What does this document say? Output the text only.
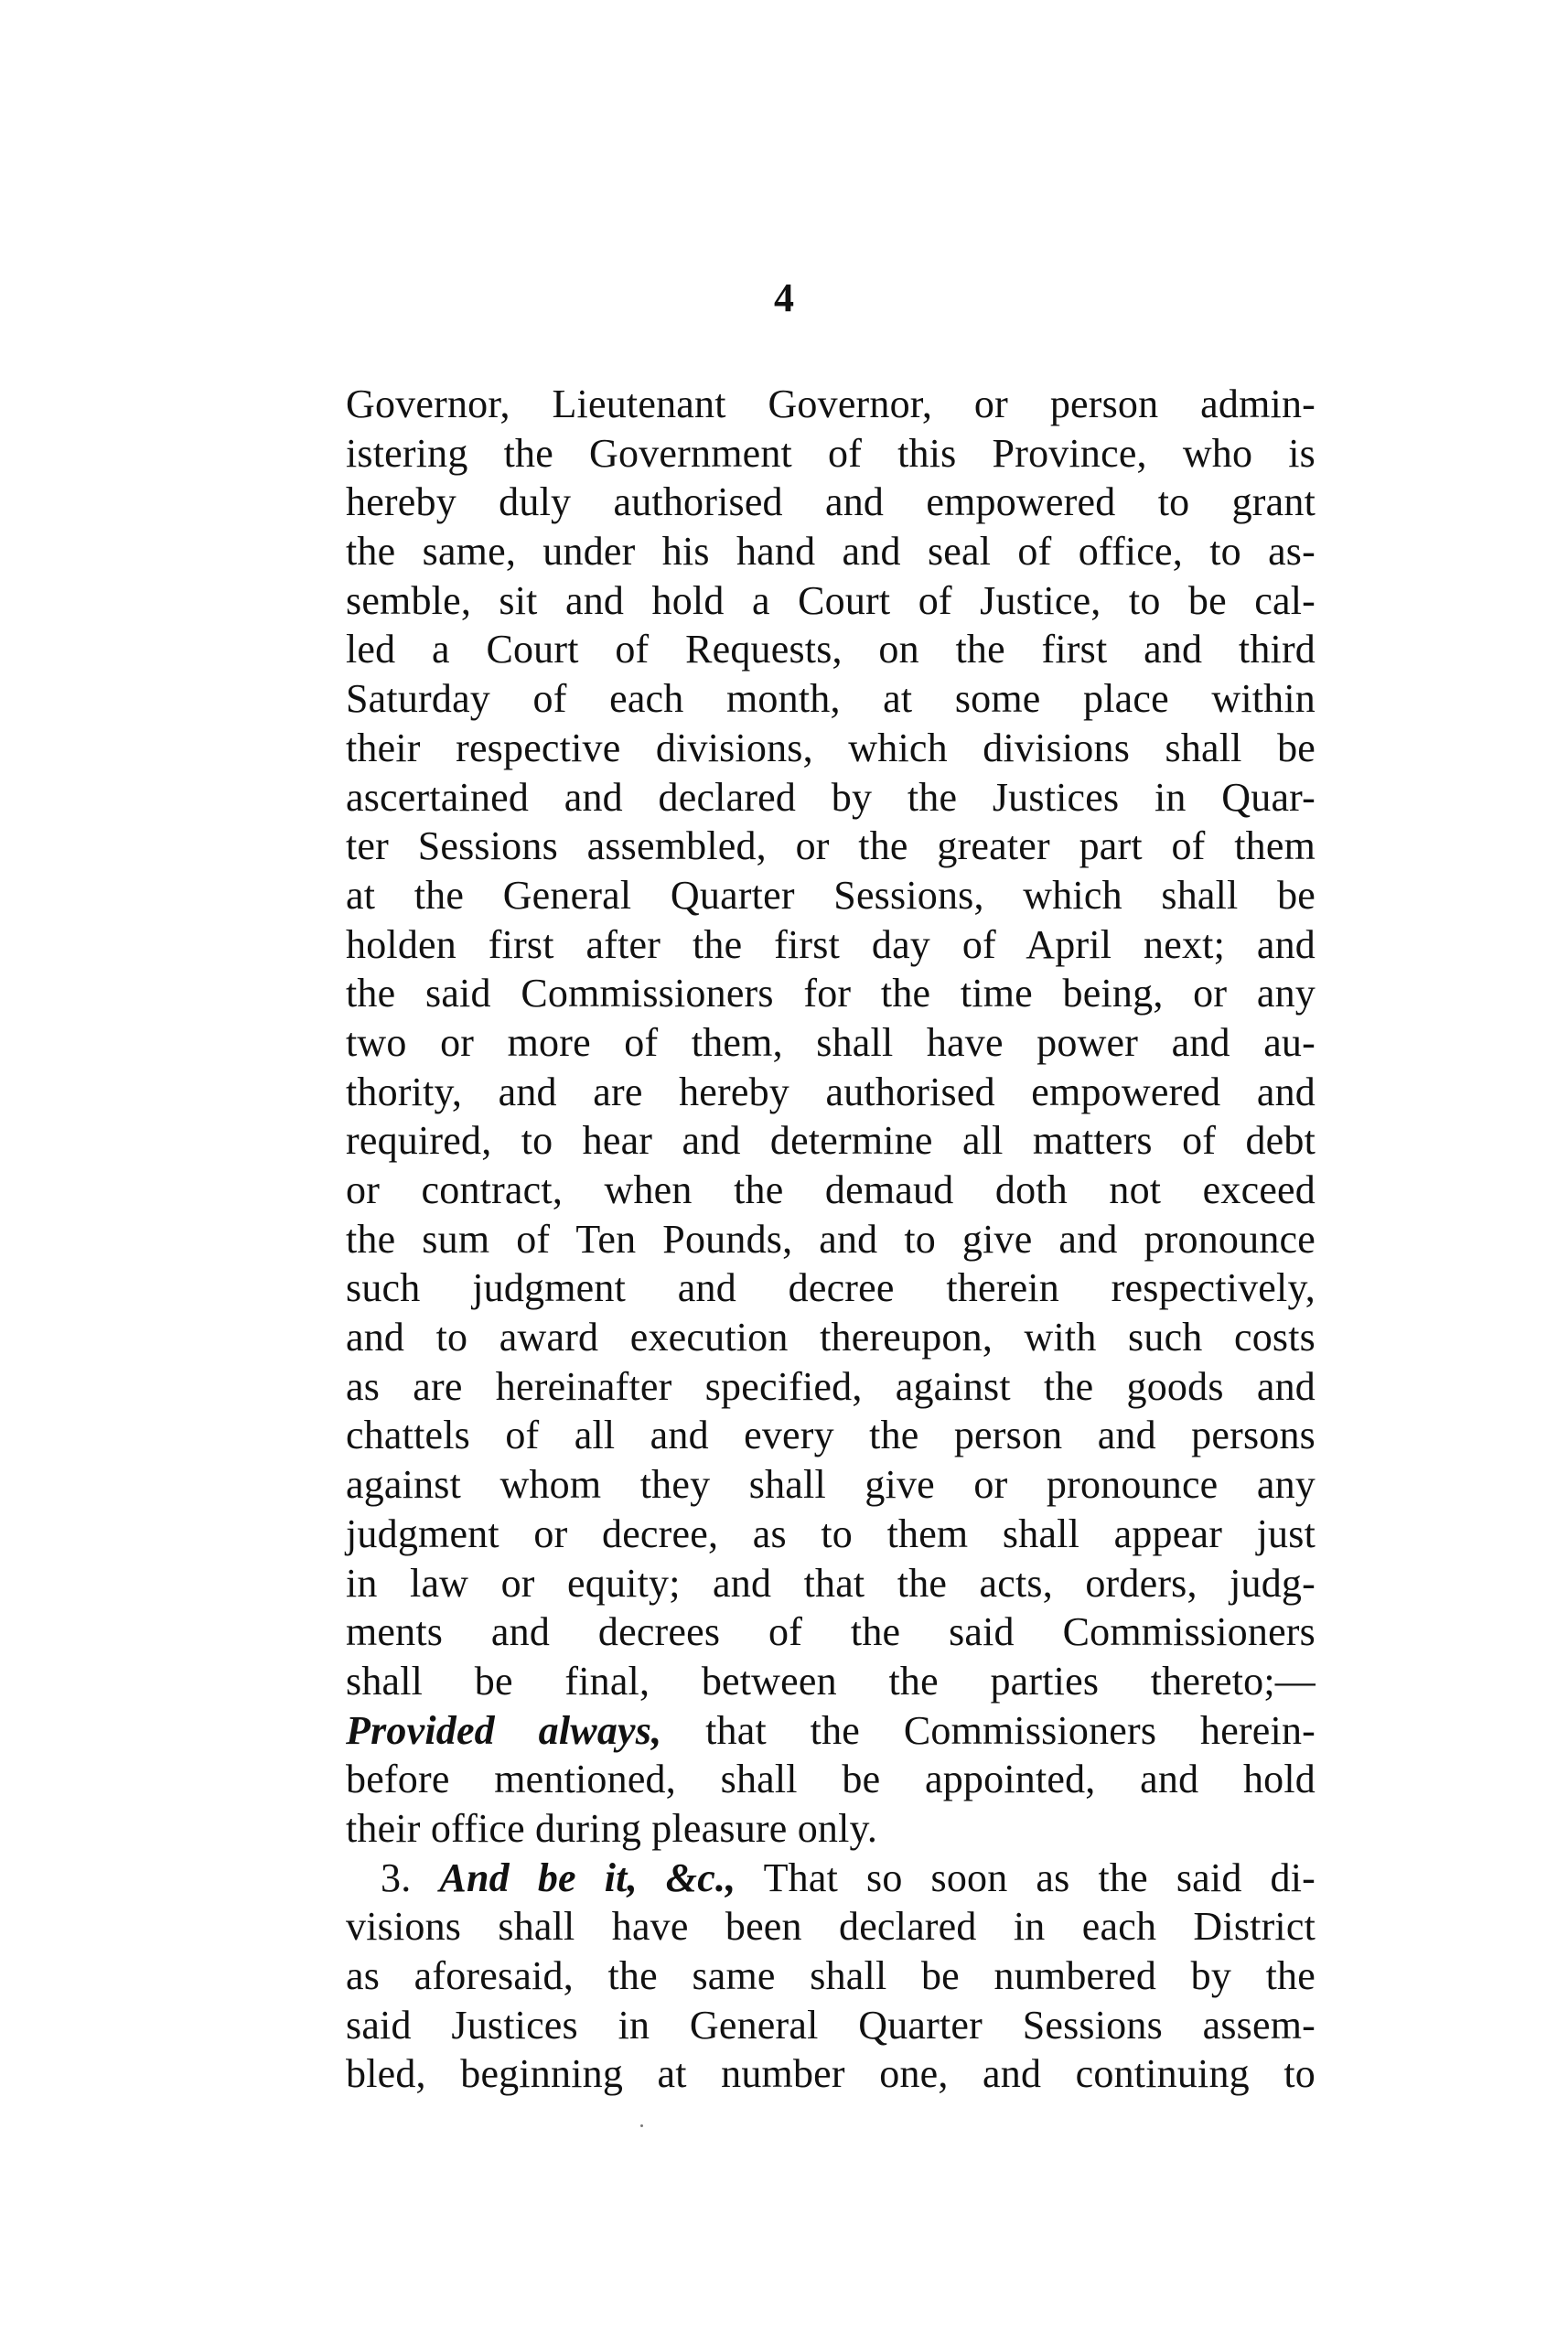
4
Governor, Lieutenant Governor, or person admin-
istering the Government of this Province, who is
hereby duly authorised and empowered to grant
the same, under his hand and seal of office, to as-
semble, sit and hold a Court of Justice, to be cal-
led a Court of Requests, on the first and third
Saturday of each month, at some place within
their respective divisions, which divisions shall be
ascertained and declared by the Justices in Quar-
ter Sessions assembled, or the greater part of them
at the General Quarter Sessions, which shall be
holden first after the first day of April next; and
the said Commissioners for the time being, or any
two or more of them, shall have power and au-
thority, and are hereby authorised empowered and
required, to hear and determine all matters of debt
or contract, when the demaud doth not exceed
the sum of Ten Pounds, and to give and pronounce
such judgment and decree therein respectively,
and to award execution thereupon, with such costs
as are hereinafter specified, against the goods and
chattels of all and every the person and persons
against whom they shall give or pronounce any
judgment or decree, as to them shall appear just
in law or equity; and that the acts, orders, judg-
ments and decrees of the said Commissioners
shall be final, between the parties thereto;—
Provided always, that the Commissioners herein-
before mentioned, shall be appointed, and hold
their office during pleasure only.
3. And be it, &c., That so soon as the said di-
visions shall have been declared in each District
as aforesaid, the same shall be numbered by the
said Justices in General Quarter Sessions assem-
bled, beginning at number one, and continuing to
